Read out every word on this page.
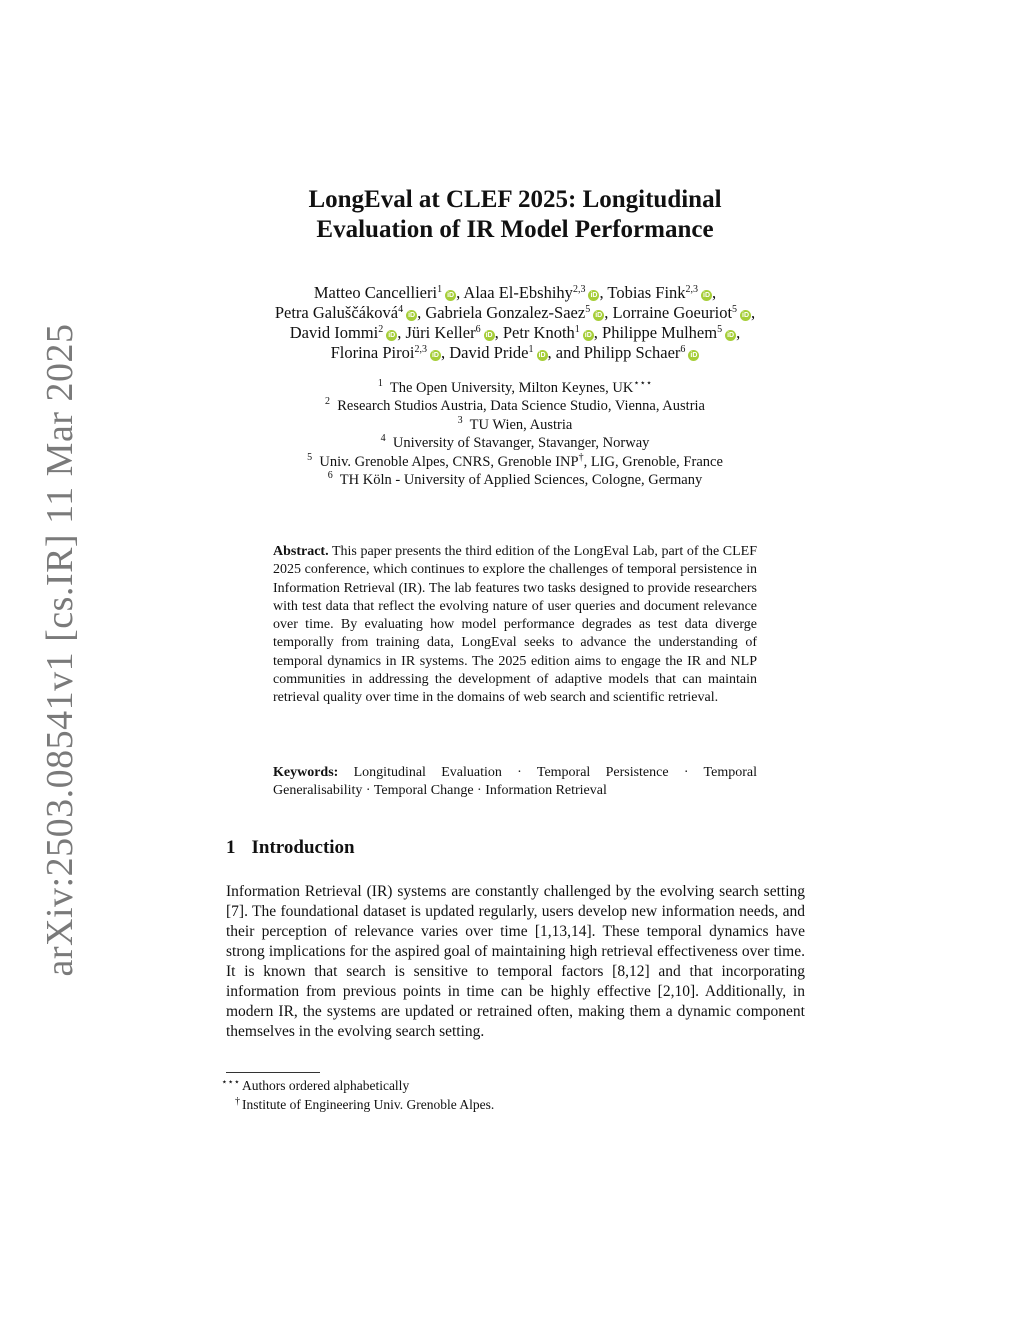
arXiv:2503.08541v1 [cs.IR] 11 Mar 2025
LongEval at CLEF 2025: Longitudinal
Evaluation of IR Model Performance
Matteo Cancellieri$^1$iD , Alaa El-Ebshihy$^{2,3}$iD , Tobias Fink$^{2,3}$iD ,
Petra Galuščáková$^4$iD , Gabriela Gonzalez-Saez$^5$iD , Lorraine Goeuriot$^5$iD ,
David Iommi$^2$iD , Jüri Keller$^6$iD , Petr Knoth$^1$iD , Philippe Mulhem$^5$iD ,
Florina Piroi$^{2,3}$iD , David Pride$^1$iD , and Philipp Schaer$^6$iD
$^1$ The Open University, Milton Keynes, UK⋆⋆⋆
$^2$ Research Studios Austria, Data Science Studio, Vienna, Austria
$^3$ TU Wien, Austria
$^4$ University of Stavanger, Stavanger, Norway
$^5$ Univ. Grenoble Alpes, CNRS, Grenoble INP†, LIG, Grenoble, France
$^6$ TH Köln - University of Applied Sciences, Cologne, Germany

Abstract. This paper presents the third edition of the LongEval Lab, part of the CLEF 2025 conference, which continues to explore the challenges of temporal persistence in Information Retrieval (IR). The lab features two tasks designed to provide researchers with test data that reflect the evolving nature of user queries and document relevance over time. By evaluating how model performance degrades as test data diverge temporally from training data, LongEval seeks to advance the understanding of temporal dynamics in IR systems. The 2025 edition aims to engage the IR and NLP communities in addressing the development of adaptive models that can maintain retrieval quality over time in the domains of web search and scientific retrieval.

Keywords: Longitudinal Evaluation · Temporal Persistence · Temporal Generalisability · Temporal Change · Information Retrieval
1 Introduction

Information Retrieval (IR) systems are constantly challenged by the evolving search setting [7]. The foundational dataset is updated regularly, users develop new information needs, and their perception of relevance varies over time [1,13,14]. These temporal dynamics have strong implications for the aspired goal of maintaining high retrieval effectiveness over time. It is known that search is sensitive to temporal factors [8,12] and that incorporating information from previous points in time can be highly effective [2,10]. Additionally, in modern IR, the systems are updated or retrained often, making them a dynamic component themselves in the evolving search setting.

⋆⋆⋆ Authors ordered alphabetically
† Institute of Engineering Univ. Grenoble Alpes.
